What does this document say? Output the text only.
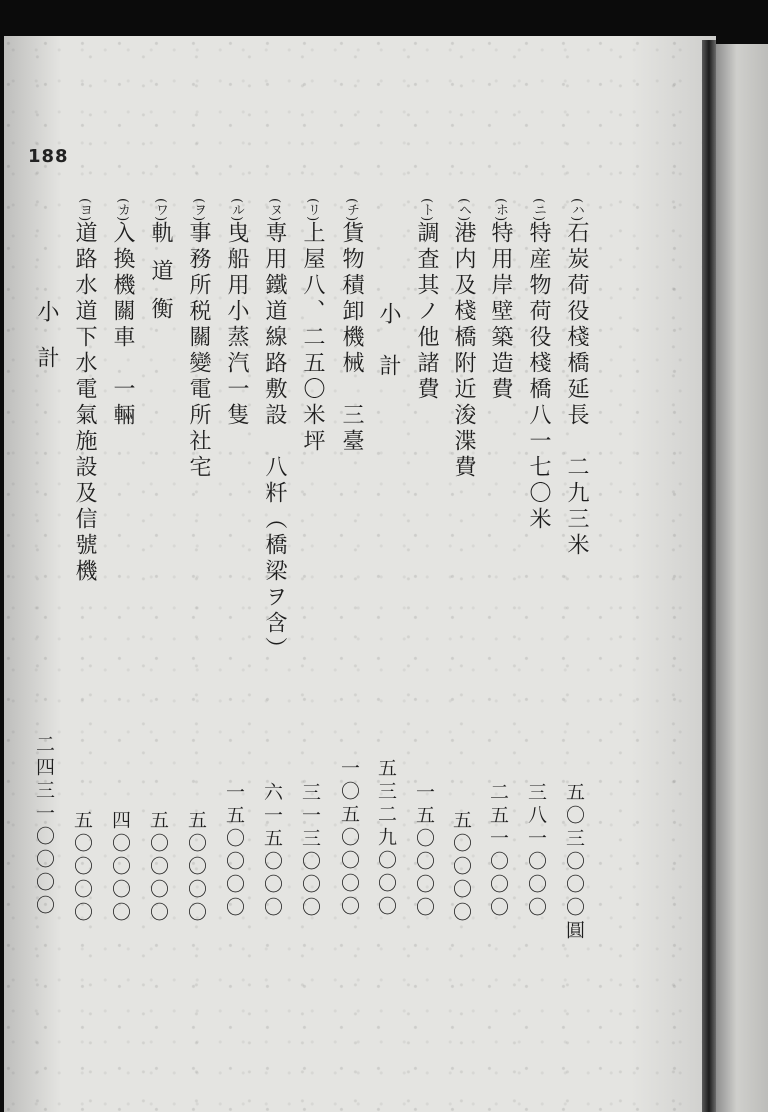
188
(ハ)石炭荷役棧橋延長　二九三米
(ニ)特産物荷役棧橋八一七〇米
(ホ)特用岸壁築造費
(ヘ)港内及棧橋附近浚渫費
(ト)調査其ノ他諸費
小計
(チ)貨物積卸機械　三臺
(リ)上屋八、二五〇米坪
(ヌ)専用鐵道線路敷設　八粁（橋梁ヲ含）
(ル)曳船用小蒸汽一隻
(ヲ)事務所税關變電所社宅
(ワ)軌道衡
(カ)入換機關車　一輛
(ヨ)道路水道下水電氣施設及信號機
小計
五〇三〇〇〇圓
三八一〇〇〇
二五一〇〇〇
五〇〇〇〇
一五〇〇〇〇
五三二九〇〇〇
一〇五〇〇〇〇
三一三〇〇〇
六一五〇〇〇
一五〇〇〇〇
五〇〇〇〇
五〇〇〇〇
四〇〇〇〇
五〇〇〇〇
二四三一〇〇〇〇
